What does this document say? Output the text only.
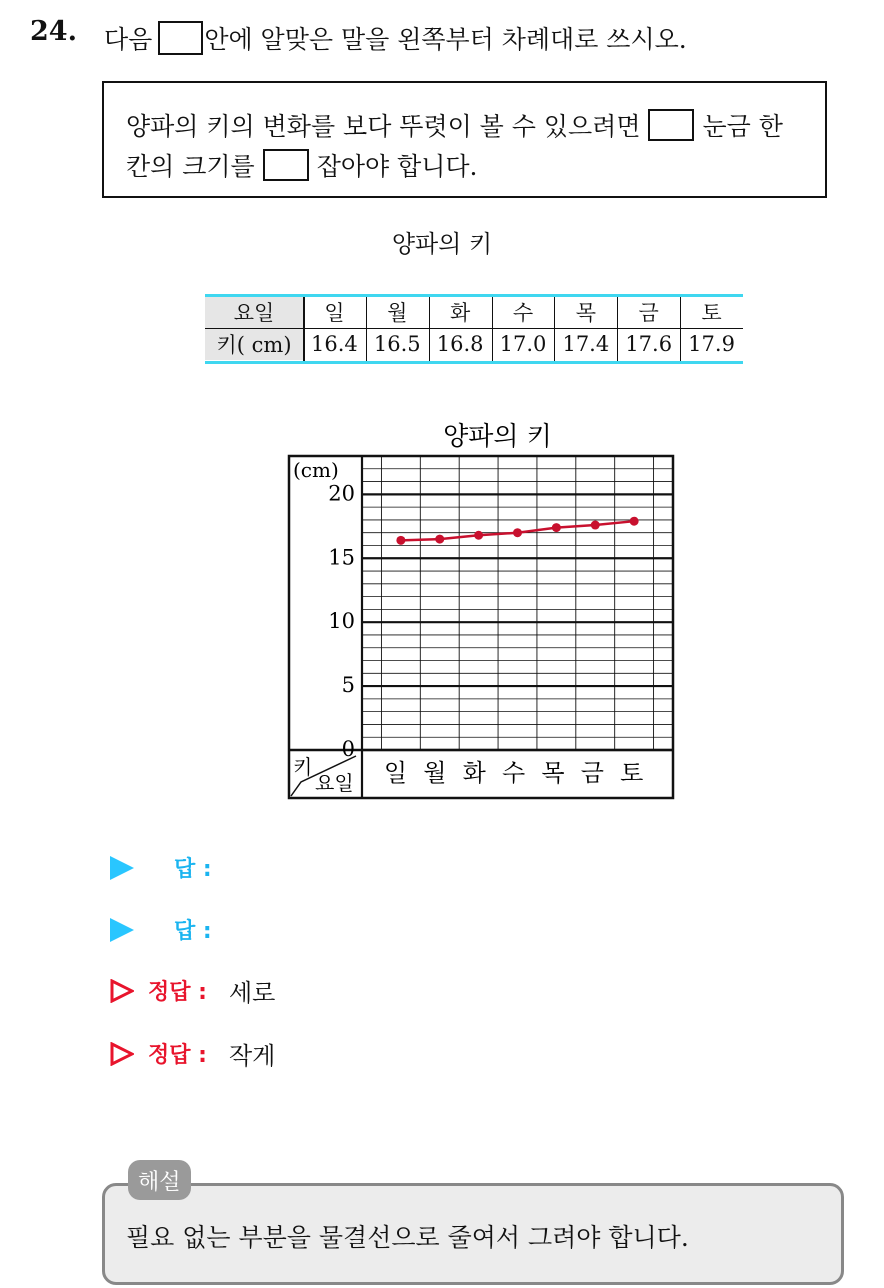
24. 다음 안에 알맞은 말을 왼쪽부터 차례대로 쓰시오.
양파의 키의 변화를 보다 뚜렷이 볼 수 있으려면 눈금 한
칸의 크기를 잡아야 합니다.
양파의 키
요일
키( cm)
일
16.4
월
16.5
화
16.8
수
17.0
목
17.4
금
17.6
토
17.9
양파의 키
(cm)
0
5
10
15
20
키
요일 일 월 화 수 목 금 토
답 :
답 :
정답 : 세로
정답 : 작게
해설
필요 없는 부분을 물결선으로 줄여서 그려야 합니다.
